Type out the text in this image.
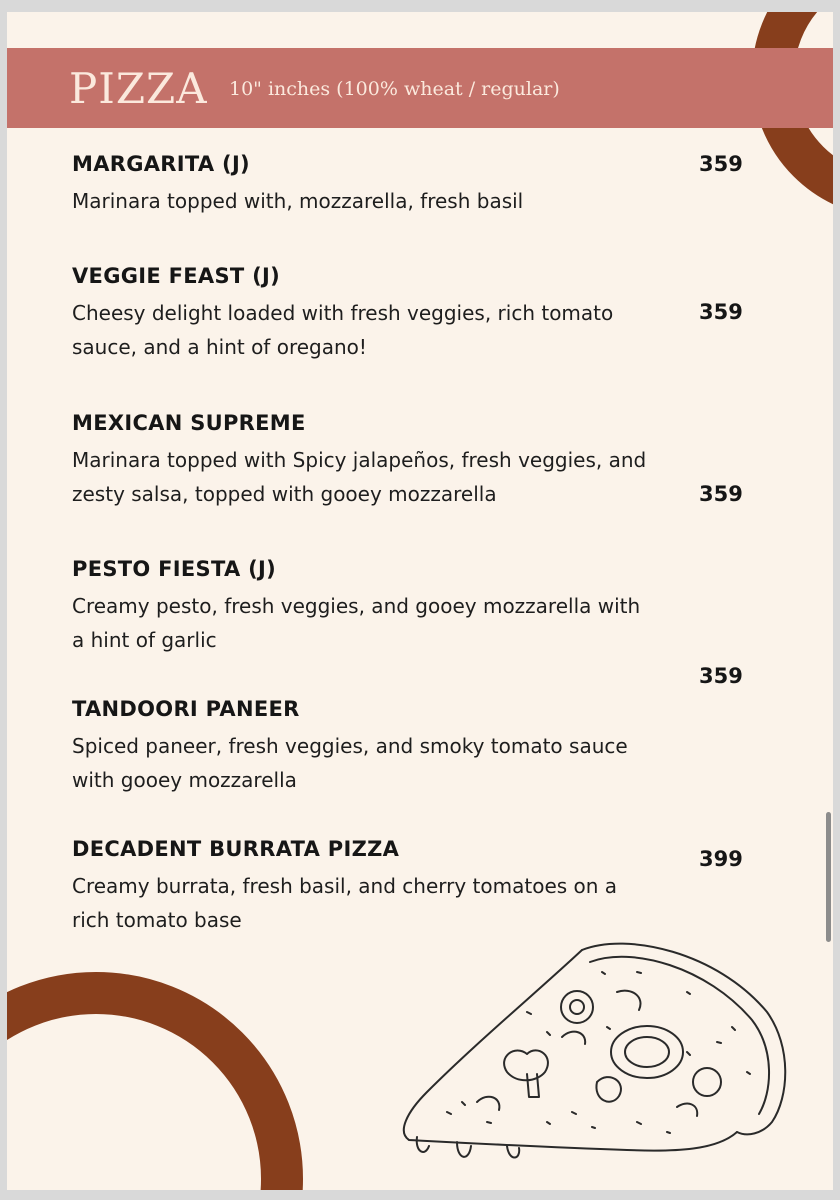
PIZZA 10" inches (100% wheat / regular)
MARGARITA (J)	359
Marinara topped with, mozzarella, fresh basil
VEGGIE FEAST (J)
359
Cheesy delight loaded with fresh veggies, rich tomato
sauce, and a hint of oregano!
MEXICAN SUPREME
359
Marinara topped with Spicy jalapeños, fresh veggies, and
zesty salsa, topped with gooey mozzarella
PESTO FIESTA (J)
359
Creamy pesto, fresh veggies, and gooey mozzarella with
a hint of garlic
TANDOORI PANEER
Spiced paneer, fresh veggies, and smoky tomato sauce
with gooey mozzarella
DECADENT BURRATA PIZZA	399
Creamy burrata, fresh basil, and cherry tomatoes on a
rich tomato base
